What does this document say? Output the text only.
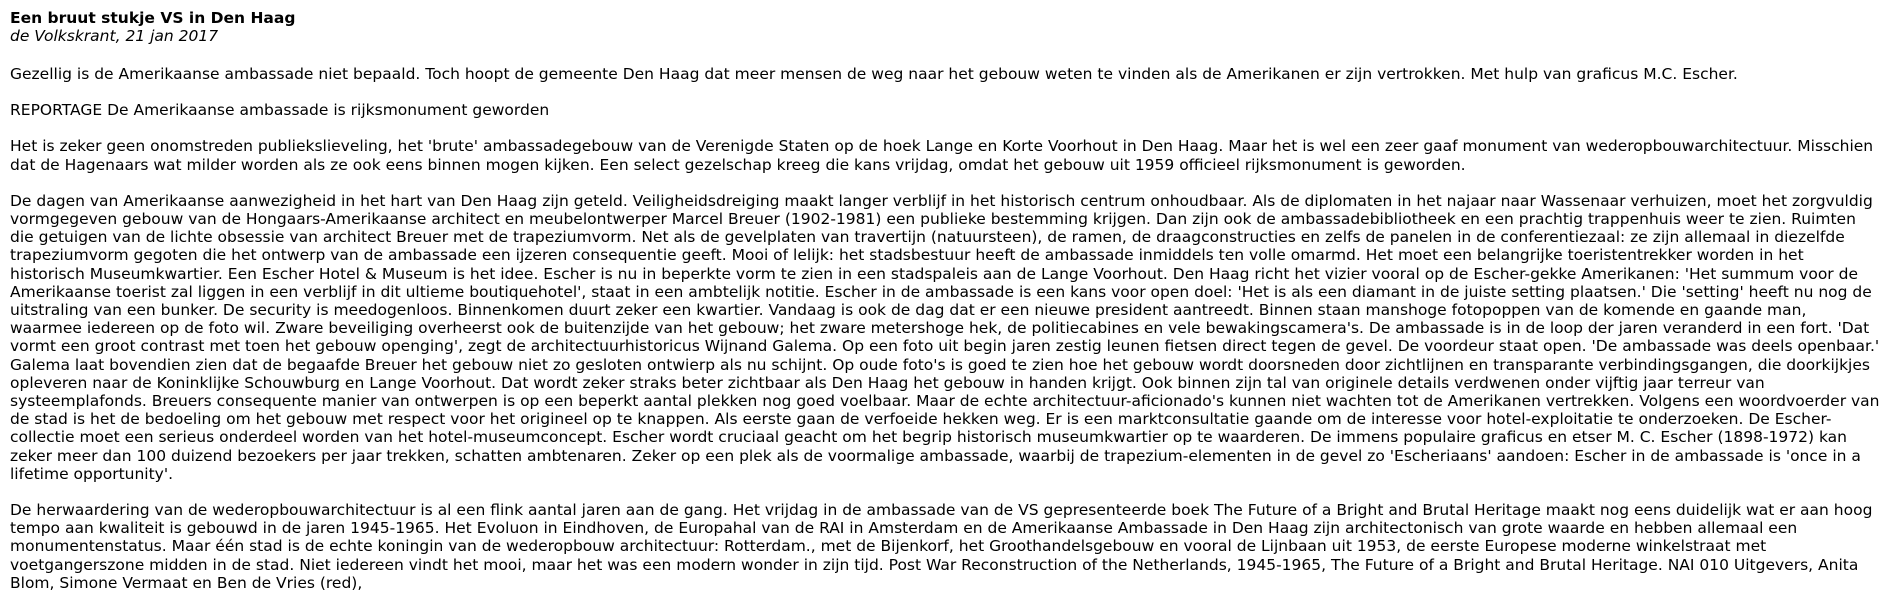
Een bruut stukje VS in Den Haag
de Volkskrant, 21 jan 2017

Gezellig is de Amerikaanse ambassade niet bepaald. Toch hoopt de gemeente Den Haag dat meer mensen de weg naar het gebouw weten te vinden als de Amerikanen er zijn vertrokken. Met hulp van graficus M.C. Escher.

REPORTAGE De Amerikaanse ambassade is rijksmonument geworden

Het is zeker geen onomstreden publiekslieveling, het 'brute' ambassadegebouw van de Verenigde Staten op de hoek Lange en Korte Voorhout in Den Haag. Maar het is wel een zeer gaaf monument van wederopbouwarchitectuur. Misschien dat de Hagenaars wat milder worden als ze ook eens binnen mogen kijken. Een select gezelschap kreeg die kans vrijdag, omdat het gebouw uit 1959 officieel rijksmonument is geworden.

De dagen van Amerikaanse aanwezigheid in het hart van Den Haag zijn geteld. Veiligheidsdreiging maakt langer verblijf in het historisch centrum onhoudbaar. Als de diplomaten in het najaar naar Wassenaar verhuizen, moet het zorgvuldig vormgegeven gebouw van de Hongaars-Amerikaanse architect en meubelontwerper Marcel Breuer (1902-1981) een publieke bestemming krijgen. Dan zijn ook de ambassadebibliotheek en een prachtig trappenhuis weer te zien. Ruimten die getuigen van de lichte obsessie van architect Breuer met de trapeziumvorm. Net als de gevelplaten van travertijn (natuursteen), de ramen, de draagconstructies en zelfs de panelen in de conferentiezaal: ze zijn allemaal in diezelfde trapeziumvorm gegoten die het ontwerp van de ambassade een ijzeren consequentie geeft. Mooi of lelijk: het stadsbestuur heeft de ambassade inmiddels ten volle omarmd. Het moet een belangrijke toeristentrekker worden in het historisch Museumkwartier. Een Escher Hotel & Museum is het idee. Escher is nu in beperkte vorm te zien in een stadspaleis aan de Lange Voorhout. Den Haag richt het vizier vooral op de Escher-gekke Amerikanen: 'Het summum voor de Amerikaanse toerist zal liggen in een verblijf in dit ultieme boutiquehotel', staat in een ambtelijk notitie. Escher in de ambassade is een kans voor open doel: 'Het is als een diamant in de juiste setting plaatsen.' Die 'setting' heeft nu nog de uitstraling van een bunker. De security is meedogenloos. Binnenkomen duurt zeker een kwartier. Vandaag is ook de dag dat er een nieuwe president aantreedt. Binnen staan manshoge fotopoppen van de komende en gaande man, waarmee iedereen op de foto wil. Zware beveiliging overheerst ook de buitenzijde van het gebouw; het zware metershoge hek, de politiecabines en vele bewakingscamera's. De ambassade is in de loop der jaren veranderd in een fort. 'Dat vormt een groot contrast met toen het gebouw openging', zegt de architectuurhistoricus Wijnand Galema. Op een foto uit begin jaren zestig leunen fietsen direct tegen de gevel. De voordeur staat open. 'De ambassade was deels openbaar.' Galema laat bovendien zien dat de begaafde Breuer het gebouw niet zo gesloten ontwierp als nu schijnt. Op oude foto's is goed te zien hoe het gebouw wordt doorsneden door zichtlijnen en transparante verbindingsgangen, die doorkijkjes opleveren naar de Koninklijke Schouwburg en Lange Voorhout. Dat wordt zeker straks beter zichtbaar als Den Haag het gebouw in handen krijgt. Ook binnen zijn tal van originele details verdwenen onder vijftig jaar terreur van systeemplafonds. Breuers consequente manier van ontwerpen is op een beperkt aantal plekken nog goed voelbaar. Maar de echte architectuur-aficionado's kunnen niet wachten tot de Amerikanen vertrekken. Volgens een woordvoerder van de stad is het de bedoeling om het gebouw met respect voor het origineel op te knappen. Als eerste gaan de verfoeide hekken weg. Er is een marktconsultatie gaande om de interesse voor hotel-exploitatie te onderzoeken. De Escher-collectie moet een serieus onderdeel worden van het hotel-museumconcept. Escher wordt cruciaal geacht om het begrip historisch museumkwartier op te waarderen. De immens populaire graficus en etser M. C. Escher (1898-1972) kan zeker meer dan 100 duizend bezoekers per jaar trekken, schatten ambtenaren. Zeker op een plek als de voormalige ambassade, waarbij de trapezium-elementen in de gevel zo 'Escheriaans' aandoen: Escher in de ambassade is 'once in a lifetime opportunity'.

De herwaardering van de wederopbouwarchitectuur is al een flink aantal jaren aan de gang. Het vrijdag in de ambassade van de VS gepresenteerde boek The Future of a Bright and Brutal Heritage maakt nog eens duidelijk wat er aan hoog tempo aan kwaliteit is gebouwd in de jaren 1945-1965. Het Evoluon in Eindhoven, de Europahal van de RAI in Amsterdam en de Amerikaanse Ambassade in Den Haag zijn architectonisch van grote waarde en hebben allemaal een monumentenstatus. Maar één stad is de echte koningin van de wederopbouw architectuur: Rotterdam., met de Bijenkorf, het Groothandelsgebouw en vooral de Lijnbaan uit 1953, de eerste Europese moderne winkelstraat met voetgangerszone midden in de stad. Niet iedereen vindt het mooi, maar het was een modern wonder in zijn tijd. Post War Reconstruction of the Netherlands, 1945-1965, The Future of a Bright and Brutal Heritage. NAI 010 Uitgevers, Anita Blom, Simone Vermaat en Ben de Vries (red),
